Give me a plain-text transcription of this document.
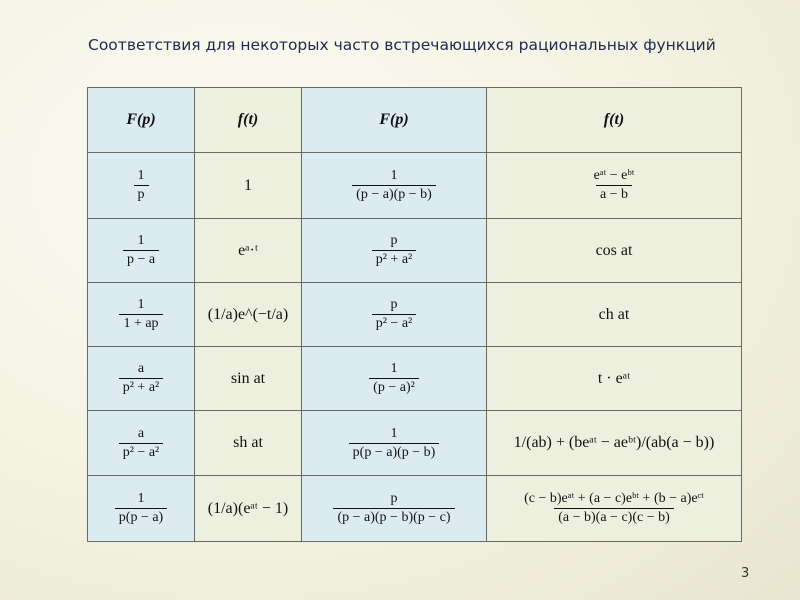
Соответствия для некоторых часто встречающихся рациональных функций
F(p)	f(t)	F(p)	f(t)

$\frac{1}{p}$	1	$\frac{1}{(p - a)(p - b)}$	$\frac{\text{eᵃᵗ − eᵇᵗ}}{a - b}$

$\frac{1}{p - a}$	eᵃ·ᵗ	$\frac{p}{\text{p² + a²}}$	cos at

$\frac{1}{1 + ap}$	(1/a)e^(−t/a)	$\frac{p}{\text{p² − a²}}$	ch at

$\frac{a}{\text{p² + a²}}$	sin at	$\frac{1}{\text{(p − a)²}}$	t · eᵃᵗ

$\frac{a}{\text{p² − a²}}$	sh at	$\frac{1}{p(p - a)(p - b)}$	1/(ab) + (beᵃᵗ − aeᵇᵗ)/(ab(a − b))

$\frac{1}{p(p - a)}$	(1/a)(eᵃᵗ − 1)	$\frac{p}{(p - a)(p - b)(p - c)}$	$\frac{\text{(c − b)eᵃᵗ + (a − c)eᵇᵗ + (b − a)eᶜᵗ}}{(a - b)(a - c)(c - b)}$
3
